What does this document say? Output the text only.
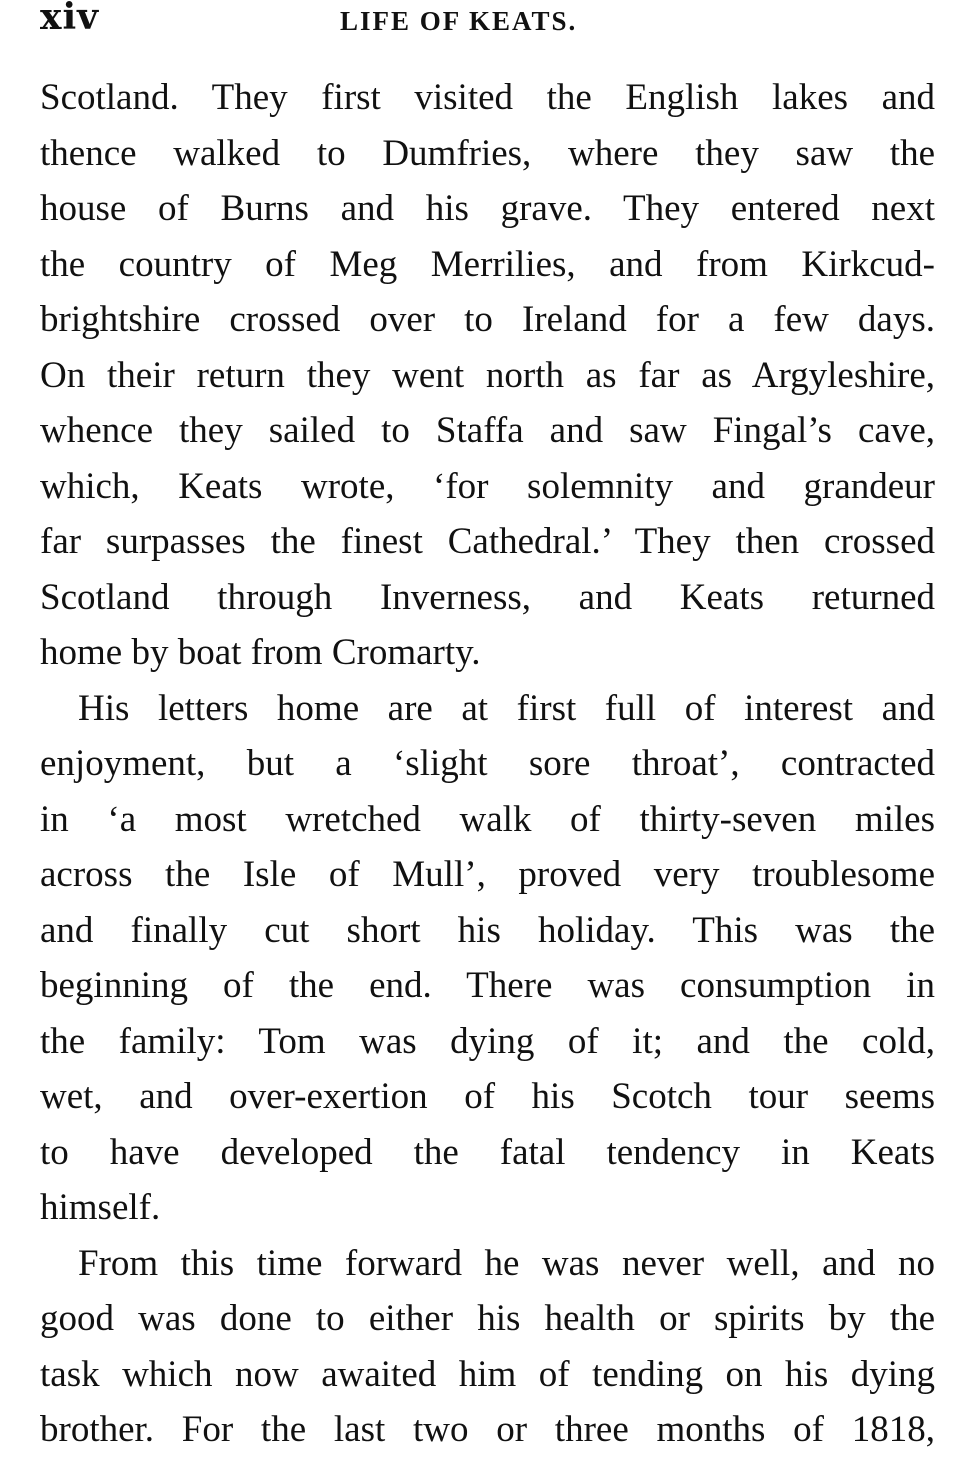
xiv	LIFE OF KEATS.
Scotland. They first visited the English lakes and
thence walked to Dumfries, where they saw the
house of Burns and his grave. They entered next
the country of Meg Merrilies, and from Kirkcud-
brightshire crossed over to Ireland for a few days.
On their return they went north as far as Argyleshire,
whence they sailed to Staffa and saw Fingal’s cave,
which, Keats wrote, ‘for solemnity and grandeur
far surpasses the finest Cathedral.’ They then crossed
Scotland through Inverness, and Keats returned
home by boat from Cromarty.
His letters home are at first full of interest and
enjoyment, but a ‘slight sore throat’, contracted
in ‘a most wretched walk of thirty-seven miles
across the Isle of Mull’, proved very troublesome
and finally cut short his holiday. This was the
beginning of the end. There was consumption in
the family: Tom was dying of it; and the cold,
wet, and over-exertion of his Scotch tour seems
to have developed the fatal tendency in Keats
himself.
From this time forward he was never well, and no
good was done to either his health or spirits by the
task which now awaited him of tending on his dying
brother. For the last two or three months of 1818,
